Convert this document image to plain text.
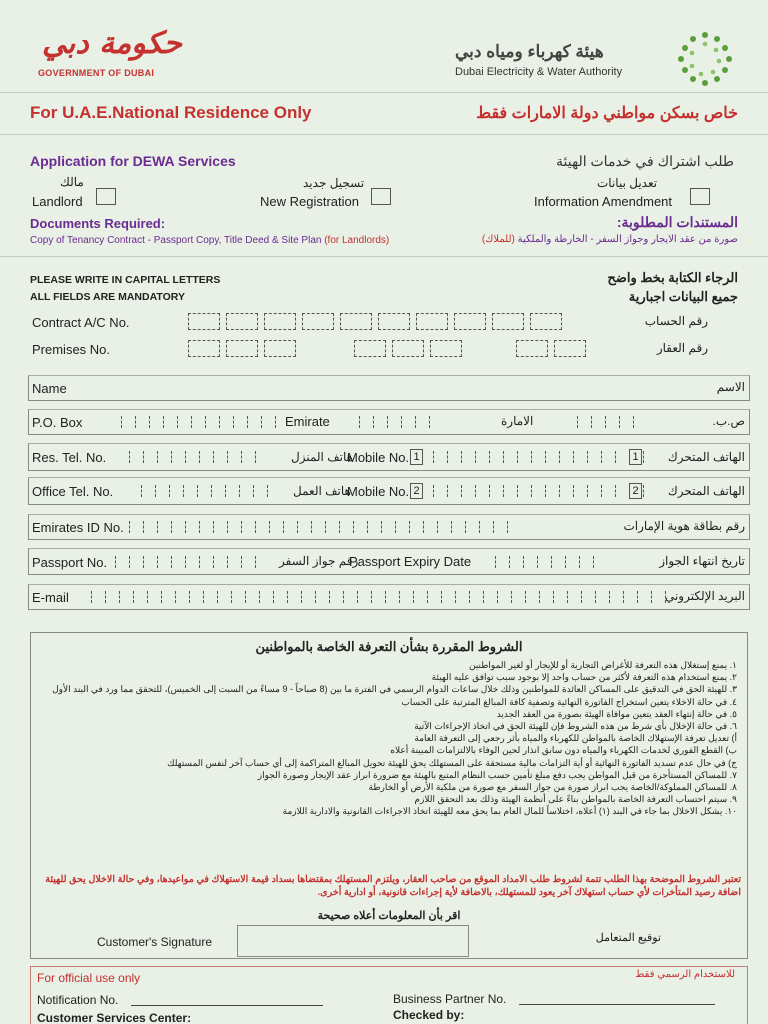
حكومة دبي
GOVERNMENT OF DUBAI
هيئة كهرباء ومياه دبي
Dubai Electricity & Water Authority
For U.A.E.National Residence Only	خاص بسكن مواطني دولة الامارات فقط
Application for DEWA Services	طلب اشتراك في خدمات الهيئة
مالك
Landlord
تسجيل جديد
New Registration
تعديل بيانات
Information Amendment
Documents Required:	المستندات المطلوبة:
Copy of Tenancy Contract - Passport Copy, Title Deed & Site Plan (for Landlords)	صورة من عقد الايجار وجواز السفر - الخارطة والملكية (للملاك)
PLEASE WRITE IN CAPITAL LETTERS
ALL FIELDS ARE MANDATORY
الرجاء الكتابة بخط واضح
جميع البيانات اجبارية
Contract A/C No.	رقم الحساب
Premises No.	رقم العقار
Name	الاسم
P.O. Box	Emirate	الامارة	ص.ب.
Res. Tel. No.	هاتف المنزل
Mobile No. 1	1 الهاتف المتحرك
Office Tel. No.	هاتف العمل
Mobile No. 2	2 الهاتف المتحرك
Emirates ID No.	رقم بطاقة هوية الإمارات
Passport No.	رقم جواز السفر
Passport Expiry Date	تاريخ انتهاء الجواز
E-mail	البريد الإلكتروني
الشروط المقررة بشأن التعرفة الخاصة بالمواطنين
١. يمنع إستغلال هذه التعرفة للأغراض التجارية أو للإيجار أو لغير المواطنين
٢. يمنع استخدام هذه التعرفة لأكثر من حساب واحد إلا بوجود سبب توافق عليه الهيئة
٣. للهيئة الحق في التدقيق على المساكن العائدة للمواطنين وذلك خلال ساعات الدوام الرسمي في الفترة ما بين (8 صباحاً - 9 مساءً من السبت إلى الخميس)، للتحقق مما ورد في البند الأول
٤. في حالة الاخلاء يتعين استخراج الفاتورة النهائية وتصفية كافة المبالغ المترتبة على الحساب
٥. في حالة إنتهاء العقد يتعين موافاة الهيئة بصورة من العقد الجديد
٦. في حالة الإخلال بأي شرط من هذه الشروط فإن للهيئة الحق في اتخاذ الإجراءات الآتية
أ) تعديل تعرفة الإستهلاك الخاصة بالمواطن للكهرباء والمياه بأثر رجعي إلى التعرفة العامة
ب) القطع الفوري لخدمات الكهرباء والمياه دون سابق انذار لحين الوفاء بالالتزامات المبينة أعلاه
ج) في حال عدم تسديد الفاتورة النهائية أو أية التزامات مالية مستحقة على المستهلك يحق للهيئة تحويل المبالغ المتراكمة إلى أي حساب آخر لنفس المستهلك
٧. للمساكن المستأجرة من قبل المواطن يجب دفع مبلغ تأمين حسب النظام المتبع بالهيئة مع ضرورة ابراز عقد الإيجار وصورة الجواز
٨. للمساكن المملوكة/الخاصة يجب ابراز صورة من جواز السفر مع صورة من ملكية الأرض أو الخارطة
٩. سيتم احتساب التعرفة الخاصة بالمواطن بناءً على أنظمة الهيئة وذلك بعد التحقق اللازم
١٠. يشكل الاخلال بما جاء في البند (١) أعلاه، اختلاساً للمال العام بما يحق معه للهيئة اتخاذ الاجراءات القانونية والادارية اللازمة
تعتبر الشروط الموضحة بهذا الطلب تتمة لشروط طلب الامداد الموقع من صاحب العقار، ويلتزم المستهلك بمقتضاها بسداد قيمة الاستهلاك في مواعيدها، وفي حالة الاخلال يحق للهيئة اضافة رصيد المتأخرات لأي حساب استهلاك آخر يعود للمستهلك، بالاضافة لأية إجراءات قانونية، أو ادارية أخرى.
اقر بأن المعلومات أعلاه صحيحة
Customer's Signature	توقيع المتعامل
For official use only	للاستخدام الرسمي فقط
Notification No.	Business Partner No.
Customer Services Center:	Checked by:
